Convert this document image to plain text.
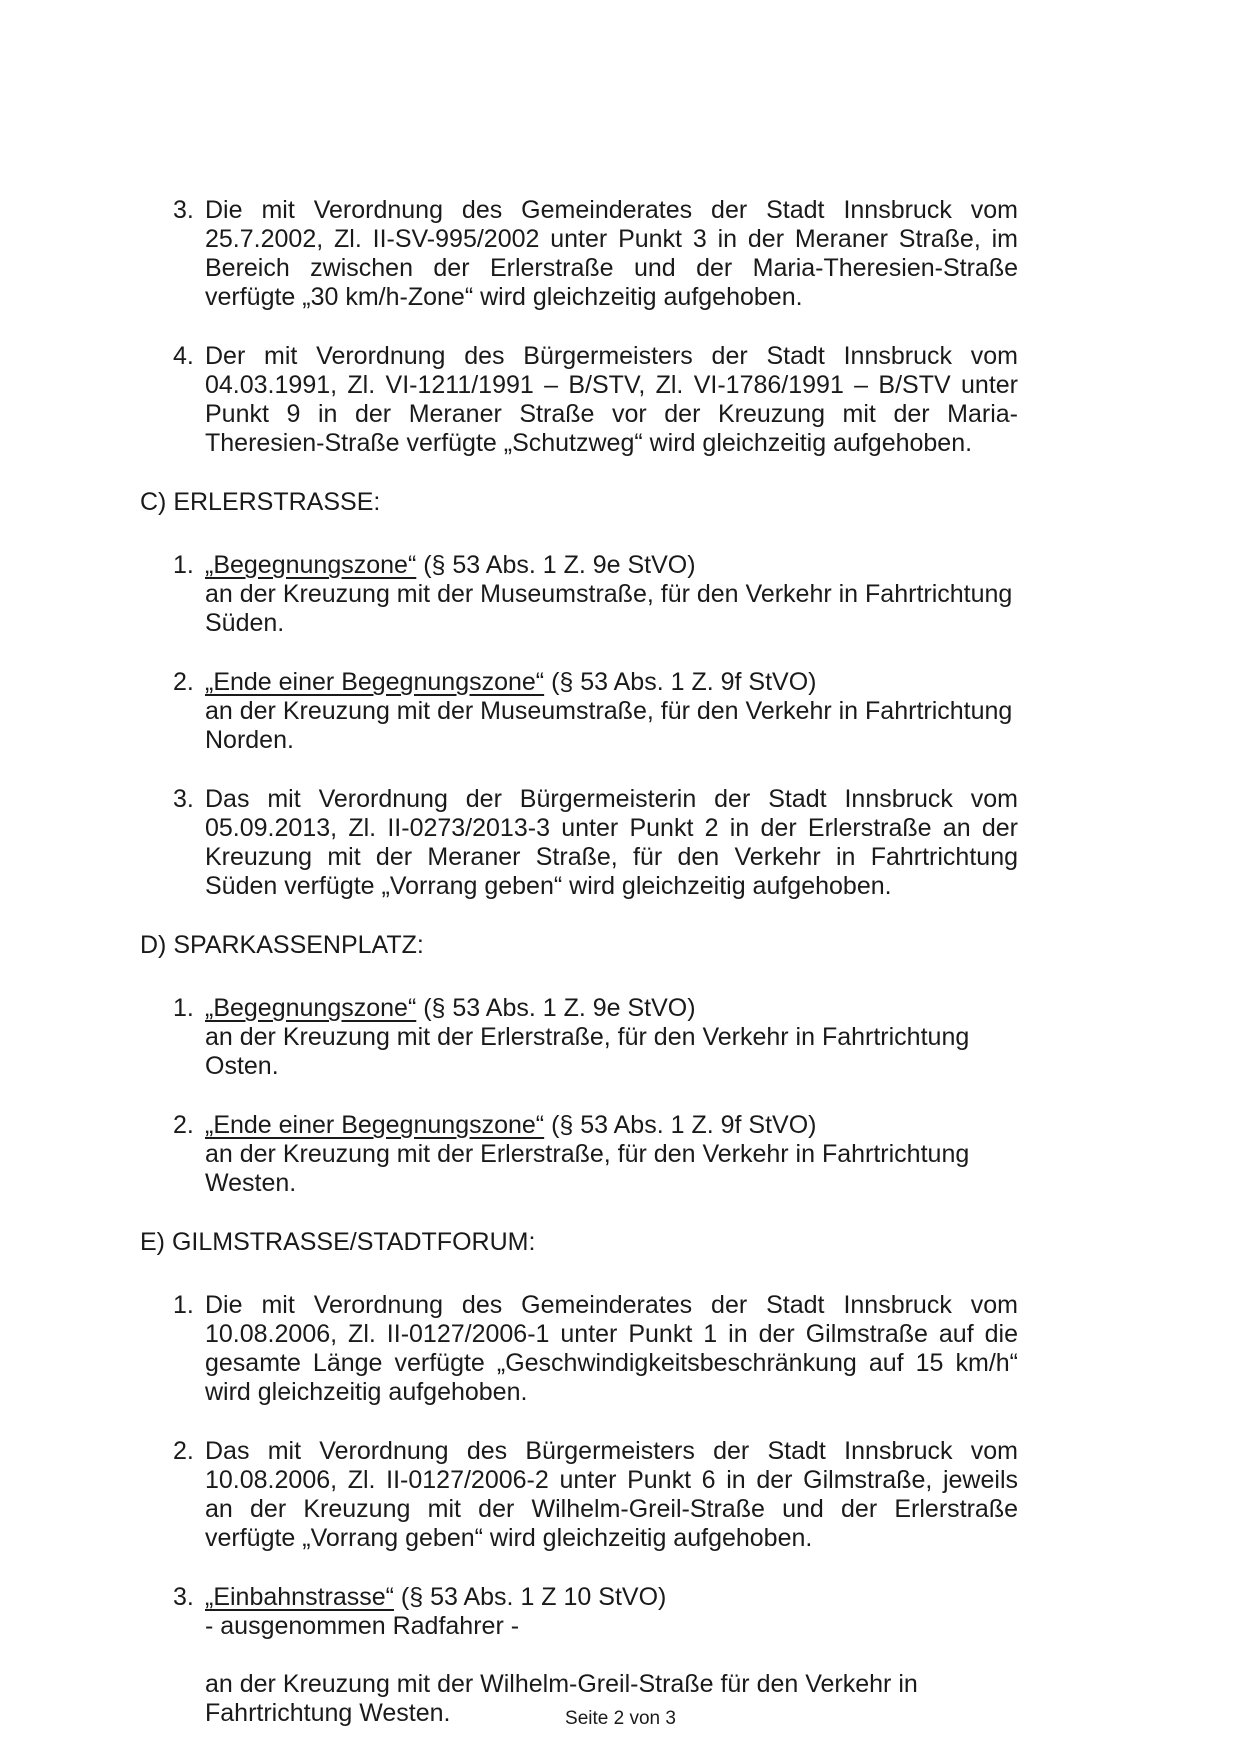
3. Die mit Verordnung des Gemeinderates der Stadt Innsbruck vom 25.7.2002, Zl. II-SV-995/2002 unter Punkt 3 in der Meraner Straße, im Bereich zwischen der Erlerstraße und der Maria-Theresien-Straße verfügte „30 km/h-Zone“ wird gleichzeitig aufgehoben.
4. Der mit Verordnung des Bürgermeisters der Stadt Innsbruck vom 04.03.1991, Zl. VI-1211/1991 – B/STV, Zl. VI-1786/1991 – B/STV unter Punkt 9 in der Meraner Straße vor der Kreuzung mit der Maria-Theresien-Straße verfügte „Schutzweg“ wird gleichzeitig aufgehoben.
C) ERLERSTRASSE:
1. „Begegnungszone“ (§ 53 Abs. 1 Z. 9e StVO)
an der Kreuzung mit der Museumstraße, für den Verkehr in Fahrtrichtung Süden.
2. „Ende einer Begegnungszone“ (§ 53 Abs. 1 Z. 9f StVO)
an der Kreuzung mit der Museumstraße, für den Verkehr in Fahrtrichtung Norden.
3. Das mit Verordnung der Bürgermeisterin der Stadt Innsbruck vom 05.09.2013, Zl. II-0273/2013-3 unter Punkt 2 in der Erlerstraße an der Kreuzung mit der Meraner Straße, für den Verkehr in Fahrtrichtung Süden verfügte „Vorrang geben“ wird gleichzeitig aufgehoben.
D) SPARKASSENPLATZ:
1. „Begegnungszone“ (§ 53 Abs. 1 Z. 9e StVO)
an der Kreuzung mit der Erlerstraße, für den Verkehr in Fahrtrichtung Osten.
2. „Ende einer Begegnungszone“ (§ 53 Abs. 1 Z. 9f StVO)
an der Kreuzung mit der Erlerstraße, für den Verkehr in Fahrtrichtung Westen.
E) GILMSTRASSE/STADTFORUM:
1. Die mit Verordnung des Gemeinderates der Stadt Innsbruck vom 10.08.2006, Zl. II-0127/2006-1 unter Punkt 1 in der Gilmstraße auf die gesamte Länge verfügte „Geschwindigkeitsbeschränkung auf 15 km/h“ wird gleichzeitig aufgehoben.
2. Das mit Verordnung des Bürgermeisters der Stadt Innsbruck vom 10.08.2006, Zl. II-0127/2006-2 unter Punkt 6 in der Gilmstraße, jeweils an der Kreuzung mit der Wilhelm-Greil-Straße und der Erlerstraße verfügte „Vorrang geben“ wird gleichzeitig aufgehoben.
3. „Einbahnstrasse“ (§ 53 Abs. 1 Z 10 StVO)
- ausgenommen Radfahrer -
an der Kreuzung mit der Wilhelm-Greil-Straße für den Verkehr in Fahrtrichtung Westen.	Seite 2 von 3
